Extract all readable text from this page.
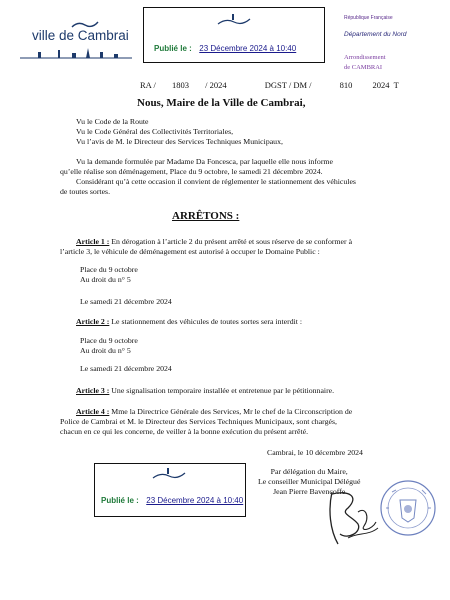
ville de Cambrai
Publié le : 23 Décembre 2024 à 10:40
République Française
Département du Nord
Arrondissement
de CAMBRAI
RA / 1803 / 2024	DGST / DM /	810 2024 T
Nous, Maire de la Ville de Cambrai,
Vu le Code de la Route
Vu le Code Général des Collectivités Territoriales,
Vu l’avis de M. le Directeur des Services Techniques Municipaux,
Vu la demande formulée par Madame Da Foncesca, par laquelle elle nous informe
qu’elle réalise son déménagement, Place du 9 octobre, le samedi 21 décembre 2024.
Considérant qu’à cette occasion il convient de réglementer le stationnement des véhicules
de toutes sortes.
ARRÊTONS :
Article 1 : En dérogation à l’article 2 du présent arrêté et sous réserve de se conformer à
l’article 3, le véhicule de déménagement est autorisé à occuper le Domaine Public :
Place du 9 octobre
Au droit du n° 5
Le samedi 21 décembre 2024
Article 2 : Le stationnement des véhicules de toutes sortes sera interdit :
Place du 9 octobre
Au droit du n° 5
Le samedi 21 décembre 2024
Article 3 : Une signalisation temporaire installée et entretenue par le pétitionnaire.
Article 4 : Mme la Directrice Générale des Services, Mr le chef de la Circonscription de
Police de Cambrai et M. le Directeur des Services Techniques Municipaux, sont chargés,
chacun en ce qui les concerne, de veiller à la bonne exécution du présent arrêté.
Cambrai, le 10 décembre 2024
Par délégation du Maire,
Le conseiller Municipal Délégué
Jean Pierre Bavencoffe
Publié le : 23 Décembre 2024 à 10:40
